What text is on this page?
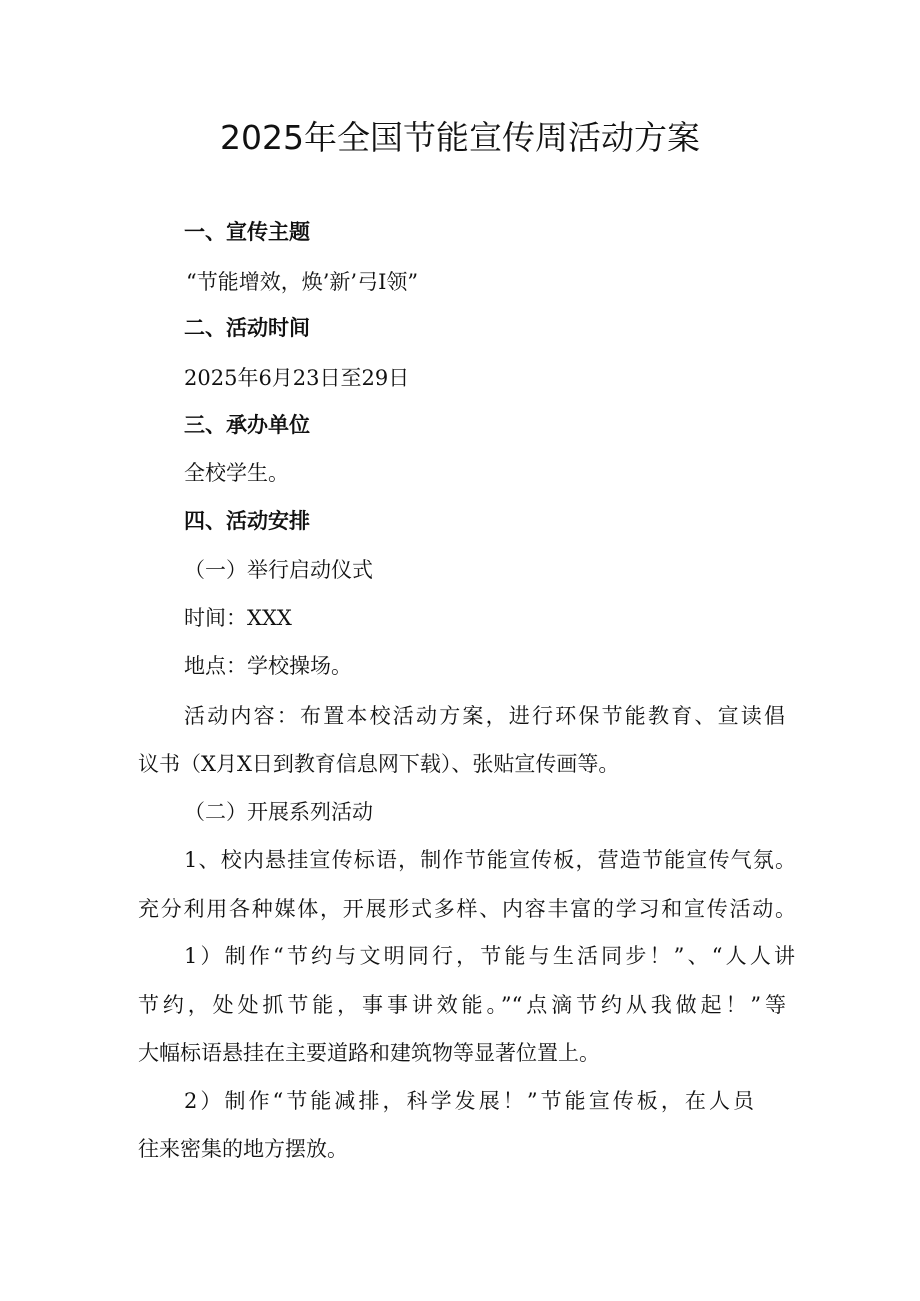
2025年全国节能宣传周活动方案
一、宣传主题
“节能增效，焕’新’弓I领”
二、活动时间
2025年6月23日至29日
三、承办单位
全校学生。
四、活动安排
（一）举行启动仪式
时间：XXX
地点：学校操场。
活动内容：布置本校活动方案，进行环保节能教育、宣读倡
议书（X月X日到教育信息网下载）、张贴宣传画等。
（二）开展系列活动
1、校内悬挂宣传标语，制作节能宣传板，营造节能宣传气氛。
充分利用各种媒体，开展形式多样、内容丰富的学习和宣传活动。
1）制作“节约与文明同行，节能与生活同步！”、“人人讲
节约，处处抓节能，事事讲效能。”“点滴节约从我做起！”等
大幅标语悬挂在主要道路和建筑物等显著位置上。
2）制作“节能减排，科学发展！”节能宣传板，在人员
往来密集的地方摆放。
